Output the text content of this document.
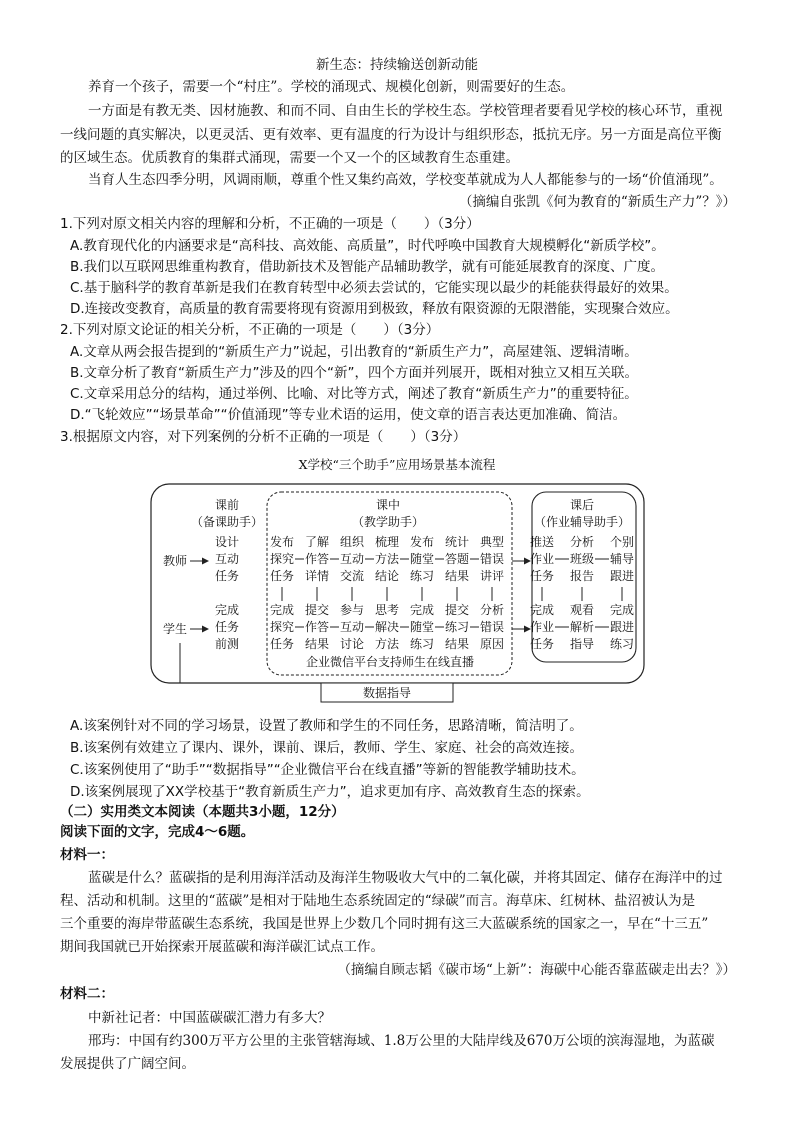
新生态：持续输送创新动能
养育一个孩子，需要一个“村庄”。学校的涌现式、规模化创新，则需要好的生态。
一方面是有教无类、因材施教、和而不同、自由生长的学校生态。学校管理者要看见学校的核心环节，重视
一线问题的真实解决，以更灵活、更有效率、更有温度的行为设计与组织形态，抵抗无序。另一方面是高位平衡
的区域生态。优质教育的集群式涌现，需要一个又一个的区域教育生态重建。
当育人生态四季分明，风调雨顺，尊重个性又集约高效，学校变革就成为人人都能参与的一场“价值涌现”。
（摘编自张凯《何为教育的“新质生产力”？》）
1.下列对原文相关内容的理解和分析，不正确的一项是（　　）（3分）
A.教育现代化的内涵要求是“高科技、高效能、高质量”，时代呼唤中国教育大规模孵化“新质学校”。
B.我们以互联网思维重构教育，借助新技术及智能产品辅助教学，就有可能延展教育的深度、广度。
C.基于脑科学的教育革新是我们在教育转型中必须去尝试的，它能实现以最少的耗能获得最好的效果。
D.连接改变教育，高质量的教育需要将现有资源用到极致，释放有限资源的无限潜能，实现聚合效应。
2.下列对原文论证的相关分析，不正确的一项是（　　）（3分）
A.文章从两会报告提到的“新质生产力”说起，引出教育的“新质生产力”，高屋建瓴、逻辑清晰。
B.文章分析了教育“新质生产力”涉及的四个“新”，四个方面并列展开，既相对独立又相互关联。
C.文章采用总分的结构，通过举例、比喻、对比等方式，阐述了教育“新质生产力”的重要特征。
D.“飞轮效应”“场景革命”“价值涌现”等专业术语的运用，使文章的语言表达更加准确、简洁。
3.根据原文内容，对下列案例的分析不正确的一项是（　　）（3分）
X学校“三个助手”应用场景基本流程
课前
（备课助手）
课中
（教学助手）
课后
（作业辅导助手）
教师
学生
设计
互动
任务
完成
任务
前测
企业微信平台支持师生在线直播
数据指导
发布
探究
任务
完成
探究
任务
了解
作答
详情
提交
作答
结果
组织
互动
交流
参与
互动
讨论
梳理
方法
结论
思考
解决
方法
发布
随堂
练习
完成
随堂
练习
统计
答题
结果
提交
练习
结果
典型
错误
讲评
分析
错误
原因
推送
作业
任务
完成
作业
任务
分析
班级
报告
观看
解析
指导
个别
辅导
跟进
完成
跟进
练习
A.该案例针对不同的学习场景，设置了教师和学生的不同任务，思路清晰，简洁明了。
B.该案例有效建立了课内、课外，课前、课后，教师、学生、家庭、社会的高效连接。
C.该案例使用了“助手”“数据指导”“企业微信平台在线直播”等新的智能教学辅助技术。
D.该案例展现了XX学校基于“教育新质生产力”，追求更加有序、高效教育生态的探索。
（二）实用类文本阅读（本题共3小题，12分）
阅读下面的文字，完成4～6题。
材料一：
蓝碳是什么？蓝碳指的是利用海洋活动及海洋生物吸收大气中的二氧化碳，并将其固定、储存在海洋中的过
程、活动和机制。这里的“蓝碳”是相对于陆地生态系统固定的“绿碳”而言。海草床、红树林、盐沼被认为是
三个重要的海岸带蓝碳生态系统，我国是世界上少数几个同时拥有这三大蓝碳系统的国家之一，早在“十三五”
期间我国就已开始探索开展蓝碳和海洋碳汇试点工作。
（摘编自顾志韬《碳市场“上新”：海碳中心能否靠蓝碳走出去？》）
材料二：
中新社记者：中国蓝碳碳汇潜力有多大？
邢玙：中国有约300万平方公里的主张管辖海域、1.8万公里的大陆岸线及670万公顷的滨海湿地，为蓝碳
发展提供了广阔空间。
